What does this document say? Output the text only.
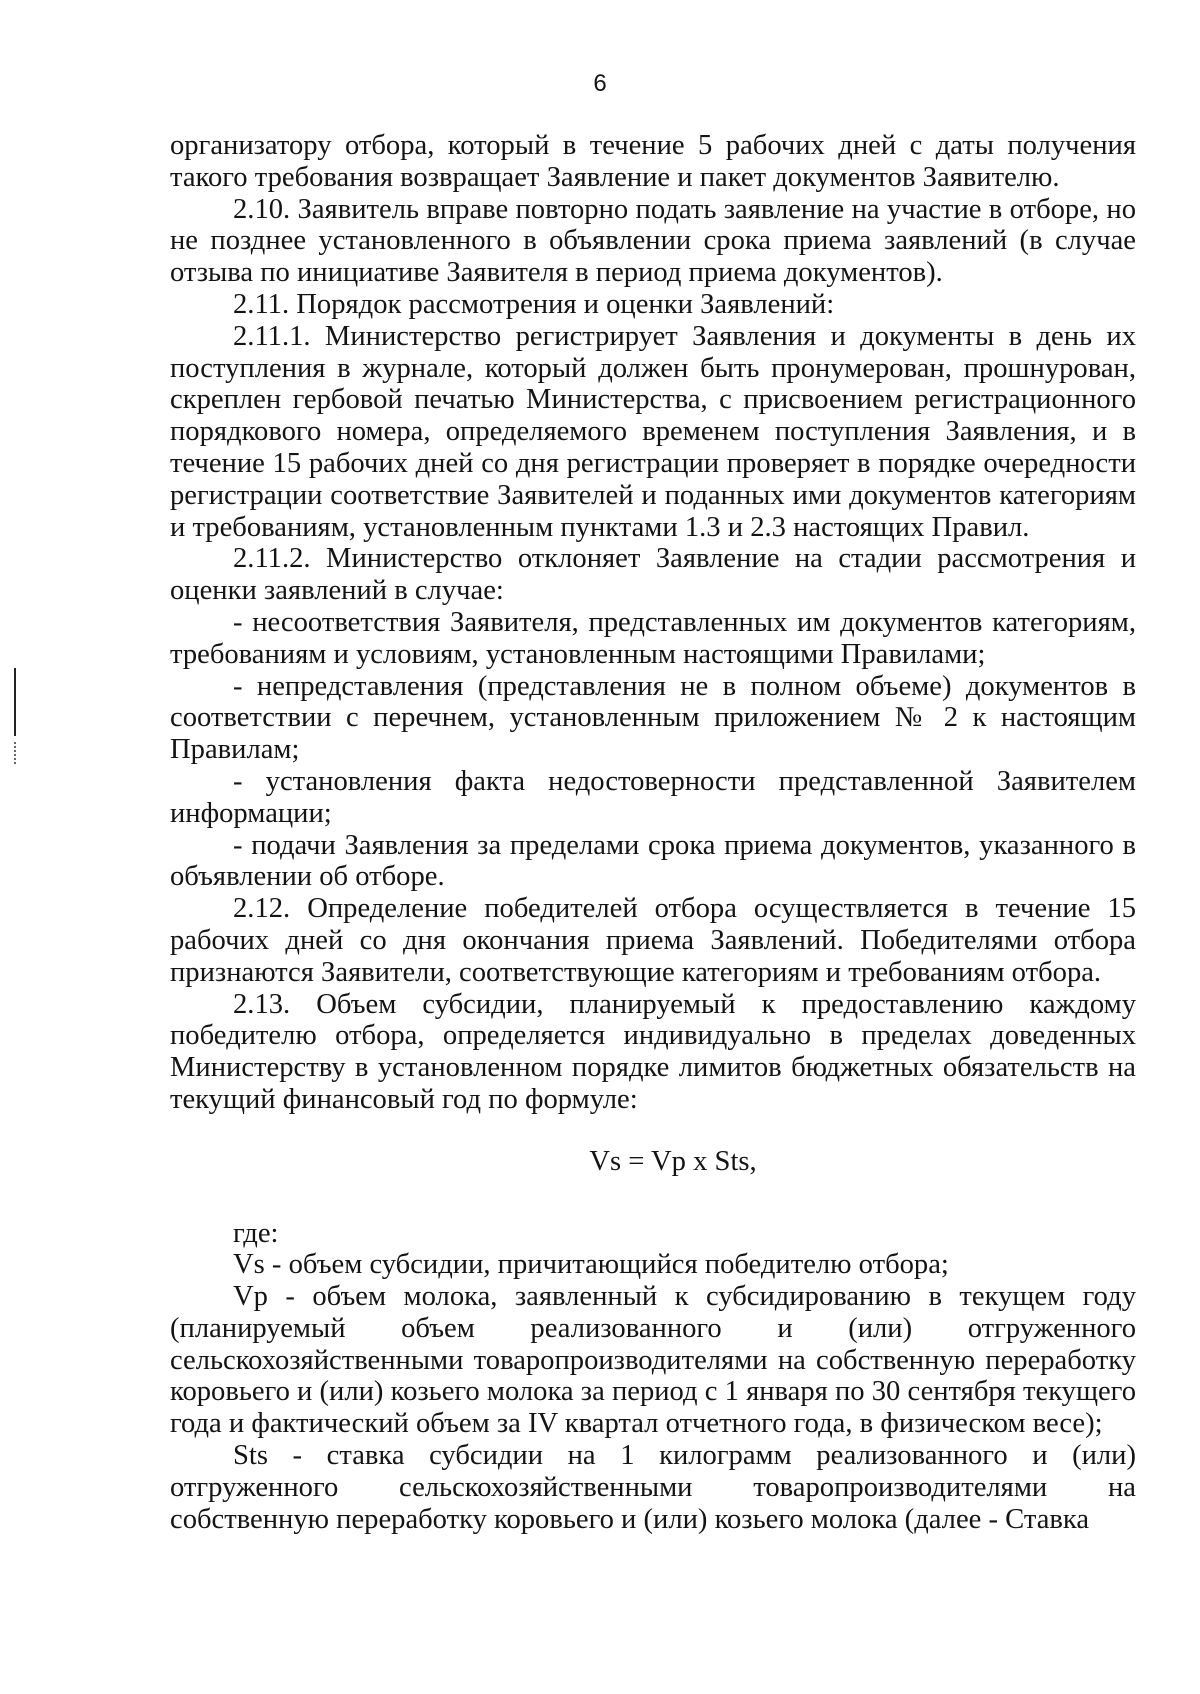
6

организатору отбора, который в течение 5 рабочих дней с даты получения такого требования возвращает Заявление и пакет документов Заявителю.

2.10. Заявитель вправе повторно подать заявление на участие в отборе, но не позднее установленного в объявлении срока приема заявлений (в случае отзыва по инициативе Заявителя в период приема документов).

2.11. Порядок рассмотрения и оценки Заявлений:

2.11.1. Министерство регистрирует Заявления и документы в день их поступления в журнале, который должен быть пронумерован, прошнурован, скреплен гербовой печатью Министерства, с присвоением регистрационного порядкового номера, определяемого временем поступления Заявления, и в течение 15 рабочих дней со дня регистрации проверяет в порядке очередности регистрации соответствие Заявителей и поданных ими документов категориям и требованиям, установленным пунктами 1.3 и 2.3 настоящих Правил.

2.11.2. Министерство отклоняет Заявление на стадии рассмотрения и оценки заявлений в случае:

- несоответствия Заявителя, представленных им документов категориям, требованиям и условиям, установленным настоящими Правилами;

- непредставления (представления не в полном объеме) документов в соответствии с перечнем, установленным приложением № 2 к настоящим Правилам;

- установления факта недостоверности представленной Заявителем информации;

- подачи Заявления за пределами срока приема документов, указанного в объявлении об отборе.

2.12. Определение победителей отбора осуществляется в течение 15 рабочих дней со дня окончания приема Заявлений. Победителями отбора признаются Заявители, соответствующие категориям и требованиям отбора.

2.13. Объем субсидии, планируемый к предоставлению каждому победителю отбора, определяется индивидуально в пределах доведенных Министерству в установленном порядке лимитов бюджетных обязательств на текущий финансовый год по формуле:

Vs = Vp x Sts,

где:

Vs - объем субсидии, причитающийся победителю отбора;

Vp - объем молока, заявленный к субсидированию в текущем году (планируемый объем реализованного и (или) отгруженного сельскохозяйственными товаропроизводителями на собственную переработку коровьего и (или) козьего молока за период с 1 января по 30 сентября текущего года и фактический объем за IV квартал отчетного года, в физическом весе);

Sts - ставка субсидии на 1 килограмм реализованного и (или) отгруженного сельскохозяйственными товаропроизводителями на собственную переработку коровьего и (или) козьего молока (далее - Ставка
